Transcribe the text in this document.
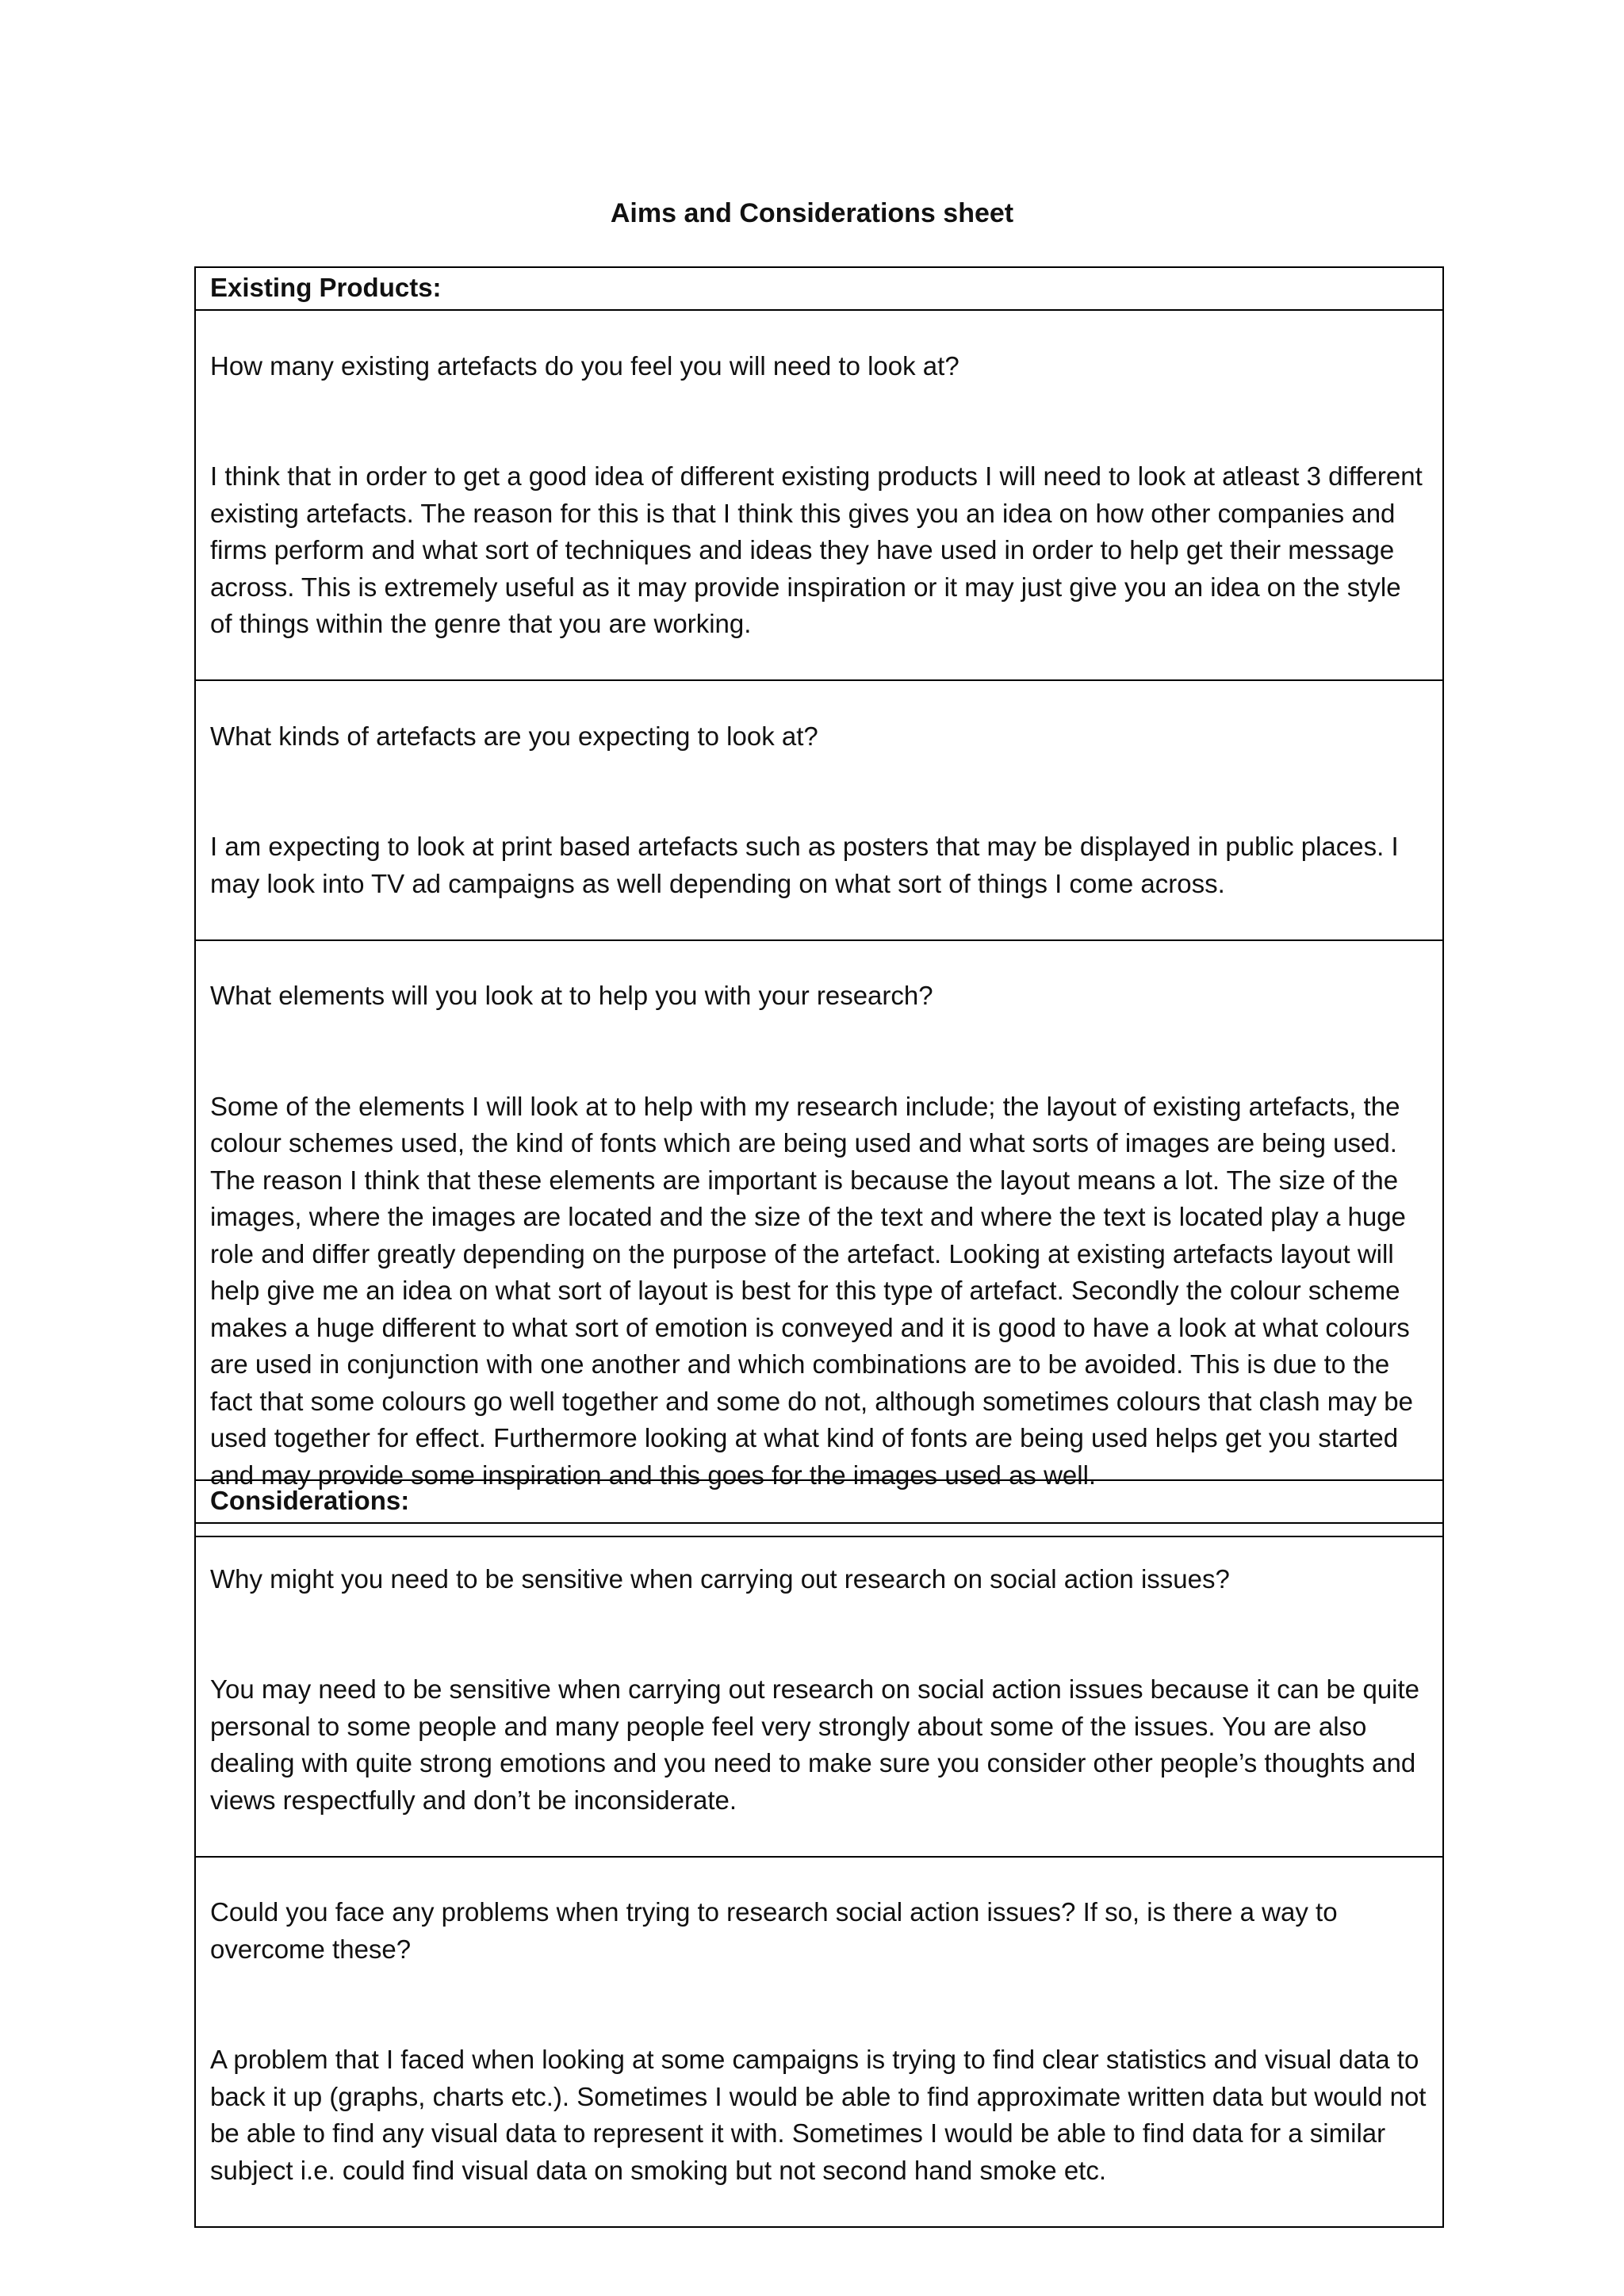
Aims and Considerations sheet
Existing Products:

How many existing artefacts do you feel you will need to look at?

I think that in order to get a good idea of different existing products I will need to look at atleast 3 different existing artefacts. The reason for this is that I think this gives you an idea on how other companies and firms perform and what sort of techniques and ideas they have used in order to help get their message across. This is extremely useful as it may provide inspiration or it may just give you an idea on the style of things within the genre that you are working.

What kinds of artefacts are you expecting to look at?

I am expecting to look at print based artefacts such as posters that may be displayed in public places. I may look into TV ad campaigns as well depending on what sort of things I come across.

What elements will you look at to help you with your research?

Some of the elements I will look at to help with my research include; the layout of existing artefacts, the colour schemes used, the kind of fonts which are being used and what sorts of images are being used.
The reason I think that these elements are important is because the layout means a lot. The size of the images, where the images are located and the size of the text and where the text is located play a huge role and differ greatly depending on the purpose of the artefact. Looking at existing artefacts layout will help give me an idea on what sort of layout is best for this type of artefact. Secondly the colour scheme makes a huge different to what sort of emotion is conveyed and it is good to have a look at what colours are used in conjunction with one another and which combinations are to be avoided. This is due to the fact that some colours go well together and some do not, although sometimes colours that clash may be used together for effect. Furthermore looking at what kind of fonts are being used helps get you started and may provide some inspiration and this goes for the images used as well.

Considerations:

Why might you need to be sensitive when carrying out research on social action issues?

You may need to be sensitive when carrying out research on social action issues because it can be quite personal to some people and many people feel very strongly about some of the issues. You are also dealing with quite strong emotions and you need to make sure you consider other people’s thoughts and views respectfully and don’t be inconsiderate.

Could you face any problems when trying to research social action issues? If so, is there a way to overcome these?

A problem that I faced when looking at some campaigns is trying to find clear statistics and visual data to back it up (graphs, charts etc.). Sometimes I would be able to find approximate written data but would not be able to find any visual data to represent it with. Sometimes I would be able to find data for a similar subject i.e. could find visual data on smoking but not second hand smoke etc.
